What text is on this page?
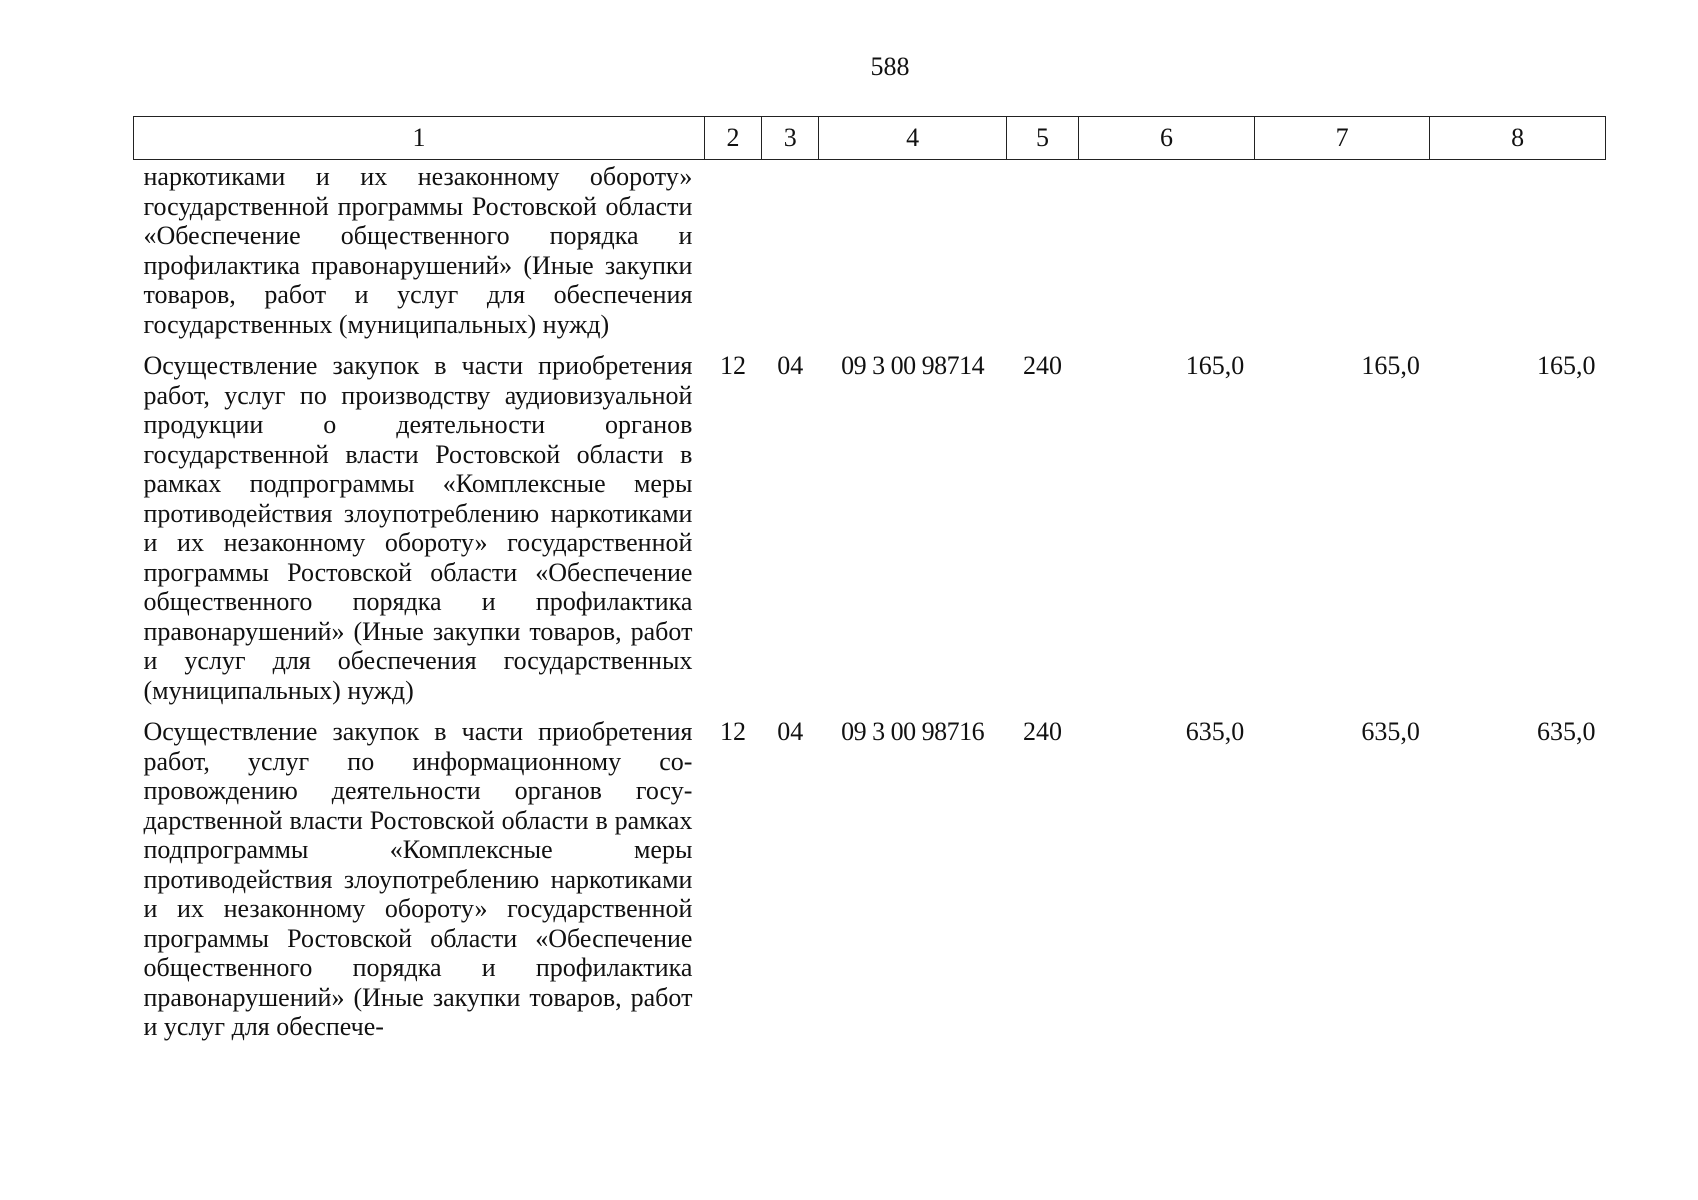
588
1	2	3	4	5	6	7	8
наркотиками и их незаконному обороту» государственной программы Ростовской области «Обеспечение общественного порядка и профилактика правонарушений» (Иные закупки товаров, работ и услуг для обеспечения государственных (муниципальных) нужд)							
Осуществление закупок в части приобретения работ, услуг по производству аудиовизуальной продукции о деятельности органов государственной власти Ростовской области в рамках подпрограммы «Комплексные меры противодействия злоупотреблению наркотиками и их незаконному обороту» государственной программы Ростовской области «Обеспечение общественного порядка и профилактика правонарушений» (Иные закупки товаров, работ и услуг для обеспечения государственных (муниципальных) нужд)	12	04	09 3 00 98714	240	165,0	165,0	165,0
Осуществление закупок в части приобретения работ, услуг по информационному сопровождению деятельности органов государственной власти Ростовской области в рамках подпрограммы «Комплексные меры противодействия злоупотреблению наркотиками и их незаконному обороту» государственной программы Ростовской области «Обеспечение общественного порядка и профилактика правонарушений» (Иные закупки товаров, работ и услуг для обеспече-	12	04	09 3 00 98716	240	635,0	635,0	635,0
